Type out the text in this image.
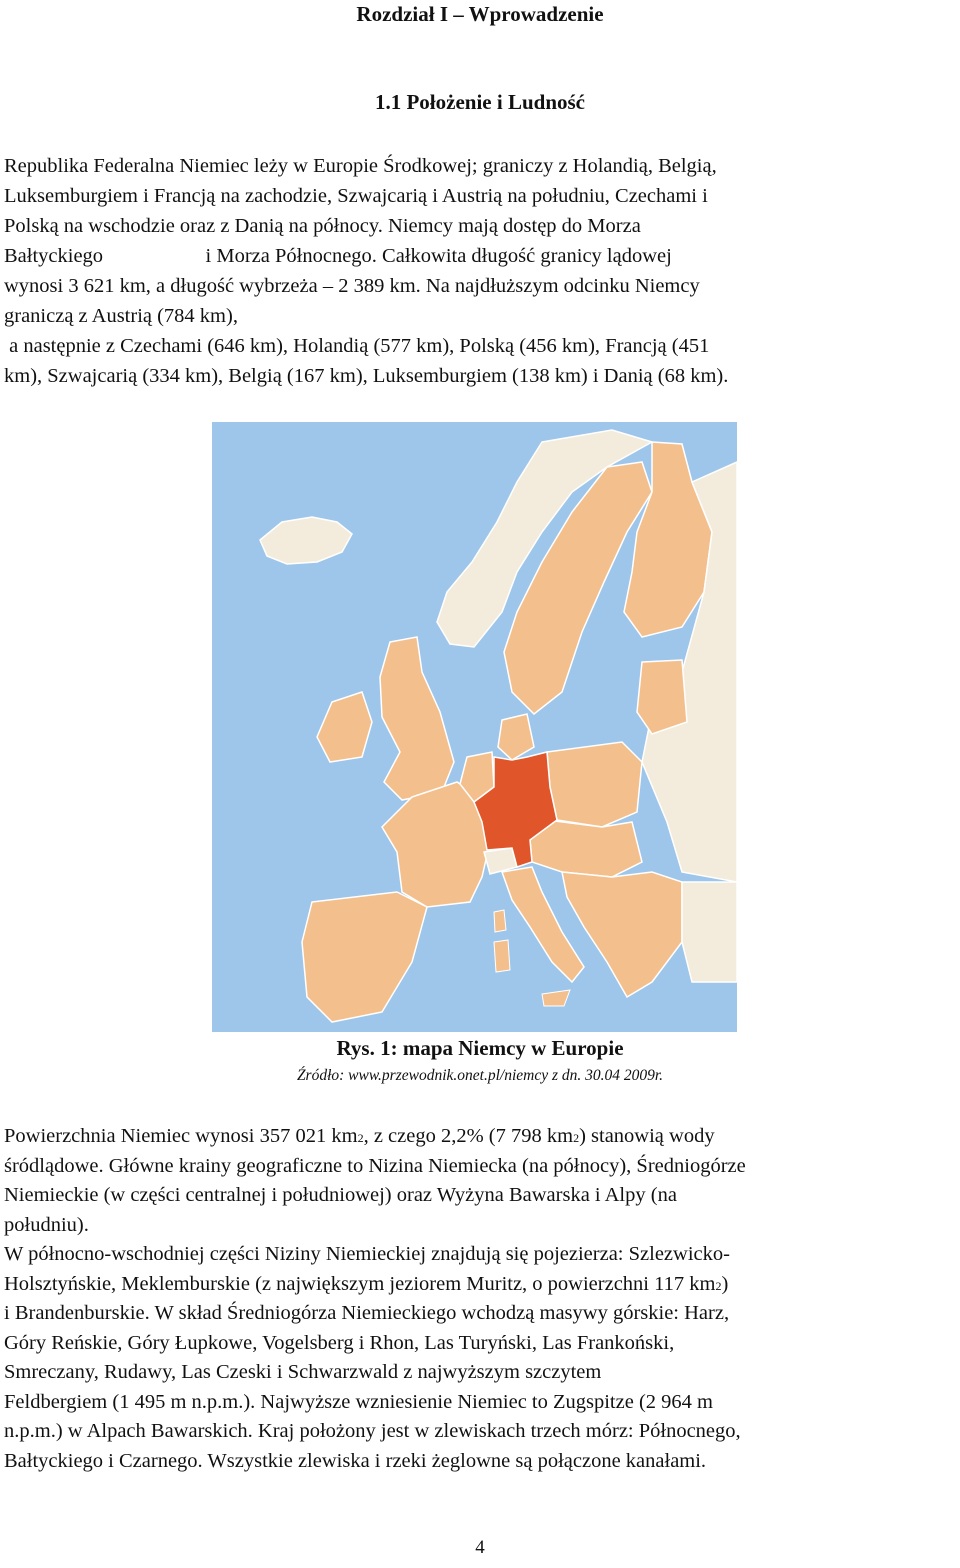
Rozdział I – Wprowadzenie
1.1 Położenie i Ludność
Republika Federalna Niemiec leży w Europie Środkowej; graniczy z Holandią, Belgią,
Luksemburgiem i Francją na zachodzie, Szwajcarią i Austrią na południu, Czechami i
Polską na wschodzie oraz z Danią na północy. Niemcy mają dostęp do Morza
Bałtyckiego                    i Morza Północnego. Całkowita długość granicy lądowej
wynosi 3 621 km, a długość wybrzeża – 2 389 km. Na najdłuższym odcinku Niemcy
graniczą z Austrią (784 km),
a następnie z Czechami (646 km), Holandią (577 km), Polską (456 km), Francją (451
km), Szwajcarią (334 km), Belgią (167 km), Luksemburgiem (138 km) i Danią (68 km).
Rys. 1: mapa Niemcy w Europie
Źródło: www.przewodnik.onet.pl/niemcy z dn. 30.04 2009r.
Powierzchnia Niemiec wynosi 357 021 km2, z czego 2,2% (7 798 km2) stanowią wody
śródlądowe. Główne krainy geograficzne to Nizina Niemiecka (na północy), Średniogórze
Niemieckie (w części centralnej i południowej) oraz Wyżyna Bawarska i Alpy (na
południu).
W północno-wschodniej części Niziny Niemieckiej znajdują się pojezierza: Szlezwicko-
Holsztyńskie, Meklemburskie (z największym jeziorem Muritz, o powierzchni 117 km2)
i Brandenburskie. W skład Średniogórza Niemieckiego wchodzą masywy górskie: Harz,
Góry Reńskie, Góry Łupkowe, Vogelsberg i Rhon, Las Turyński, Las Frankoński,
Smreczany, Rudawy, Las Czeski i Schwarzwald z najwyższym szczytem
Feldbergiem (1 495 m n.p.m.). Najwyższe wzniesienie Niemiec to Zugspitze (2 964 m
n.p.m.) w Alpach Bawarskich. Kraj położony jest w zlewiskach trzech mórz: Północnego,
Bałtyckiego i Czarnego. Wszystkie zlewiska i rzeki żeglowne są połączone kanałami.
4
